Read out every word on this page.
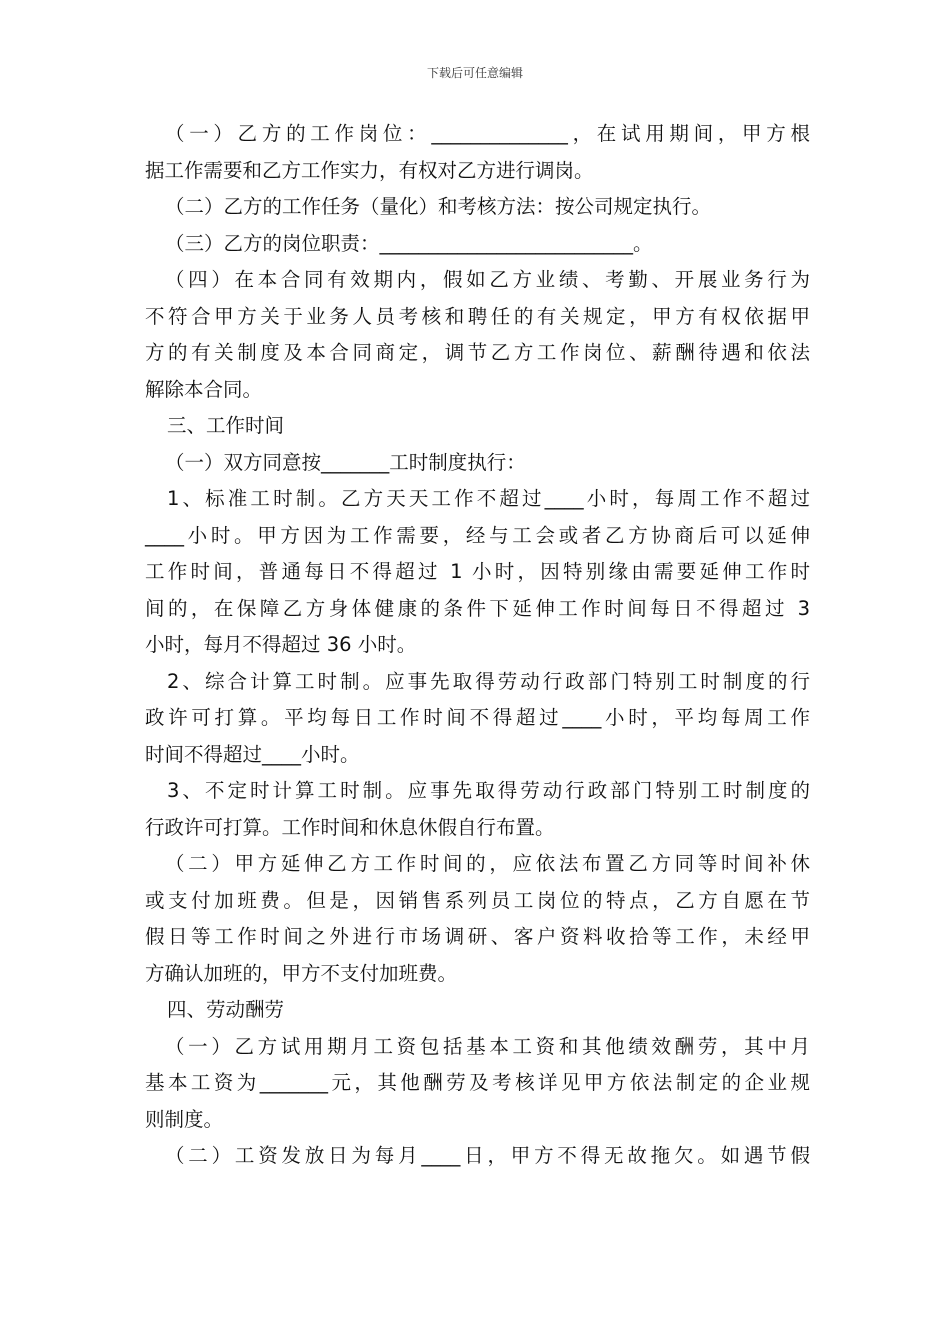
下载后可任意编辑
（一）乙方的工作岗位：______________，在试用期间，甲方根
据工作需要和乙方工作实力，有权对乙方进行调岗。
（二）乙方的工作任务（量化）和考核方法：按公司规定执行。
（三）乙方的岗位职责：__________________________。
（四）在本合同有效期内，假如乙方业绩、考勤、开展业务行为
不符合甲方关于业务人员考核和聘任的有关规定，甲方有权依据甲
方的有关制度及本合同商定，调节乙方工作岗位、薪酬待遇和依法
解除本合同。
三、工作时间
（一）双方同意按_______工时制度执行：
1、标准工时制。乙方天天工作不超过____小时，每周工作不超过
____小时。甲方因为工作需要，经与工会或者乙方协商后可以延伸
工作时间，普通每日不得超过 1 小时，因特别缘由需要延伸工作时
间的，在保障乙方身体健康的条件下延伸工作时间每日不得超过 3
小时，每月不得超过 36 小时。
2、综合计算工时制。应事先取得劳动行政部门特别工时制度的行
政许可打算。平均每日工作时间不得超过____小时，平均每周工作
时间不得超过____小时。
3、不定时计算工时制。应事先取得劳动行政部门特别工时制度的
行政许可打算。工作时间和休息休假自行布置。
（二）甲方延伸乙方工作时间的，应依法布置乙方同等时间补休
或支付加班费。但是，因销售系列员工岗位的特点，乙方自愿在节
假日等工作时间之外进行市场调研、客户资料收拾等工作，未经甲
方确认加班的，甲方不支付加班费。
四、劳动酬劳
（一）乙方试用期月工资包括基本工资和其他绩效酬劳，其中月
基本工资为_______元，其他酬劳及考核详见甲方依法制定的企业规
则制度。
（二）工资发放日为每月____日，甲方不得无故拖欠。如遇节假
